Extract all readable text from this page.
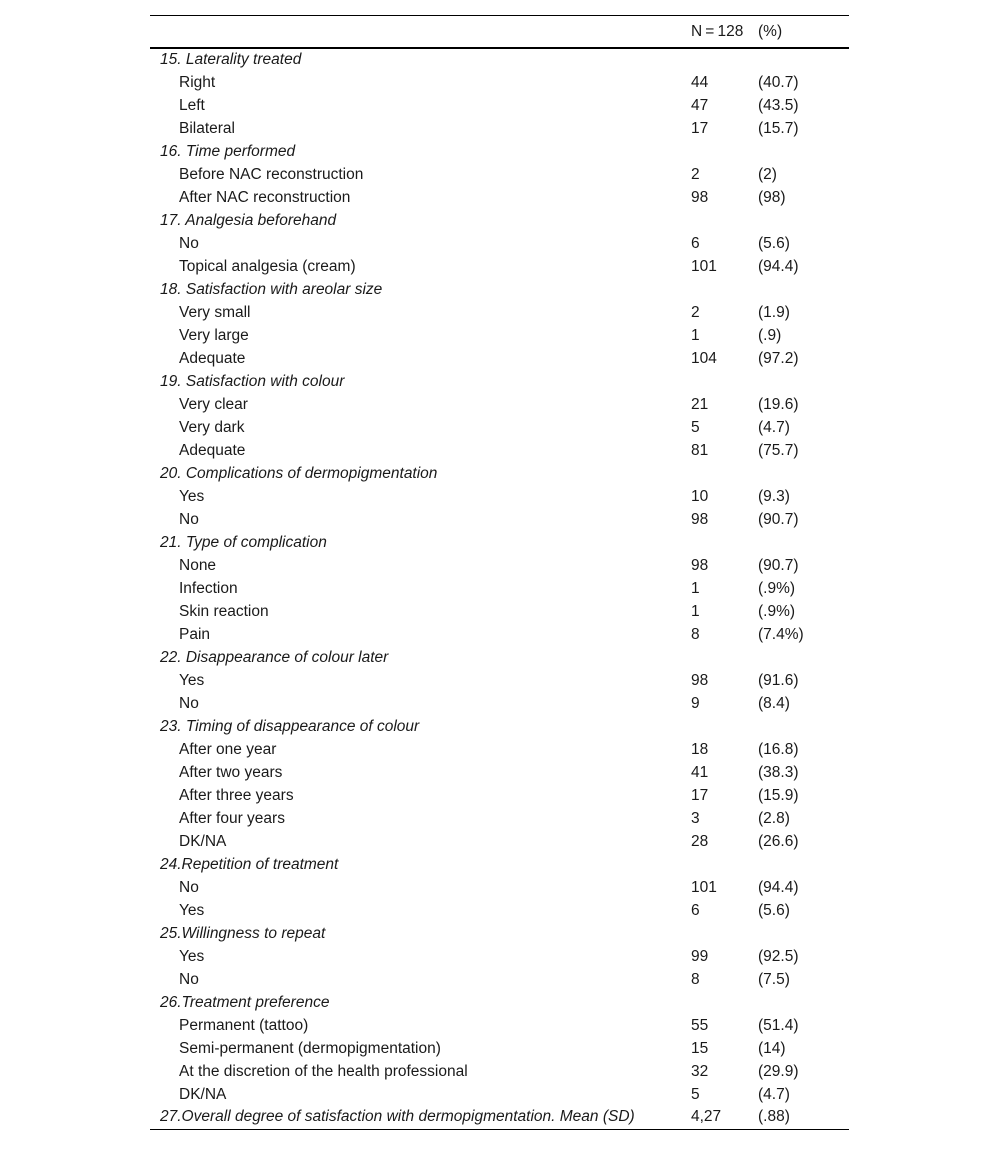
	N = 128	(%)
15. Laterality treated		
Right	44	(40.7)
Left	47	(43.5)
Bilateral	17	(15.7)
16. Time performed		
Before NAC reconstruction	2	(2)
After NAC reconstruction	98	(98)
17. Analgesia beforehand		
No	6	(5.6)
Topical analgesia (cream)	101	(94.4)
18. Satisfaction with areolar size		
Very small	2	(1.9)
Very large	1	(.9)
Adequate	104	(97.2)
19. Satisfaction with colour		
Very clear	21	(19.6)
Very dark	5	(4.7)
Adequate	81	(75.7)
20. Complications of dermopigmentation		
Yes	10	(9.3)
No	98	(90.7)
21. Type of complication		
None	98	(90.7)
Infection	1	(.9%)
Skin reaction	1	(.9%)
Pain	8	(7.4%)
22. Disappearance of colour later		
Yes	98	(91.6)
No	9	(8.4)
23. Timing of disappearance of colour		
After one year	18	(16.8)
After two years	41	(38.3)
After three years	17	(15.9)
After four years	3	(2.8)
DK/NA	28	(26.6)
24.Repetition of treatment		
No	101	(94.4)
Yes	6	(5.6)
25.Willingness to repeat		
Yes	99	(92.5)
No	8	(7.5)
26.Treatment preference		
Permanent (tattoo)	55	(51.4)
Semi-permanent (dermopigmentation)	15	(14)
At the discretion of the health professional	32	(29.9)
DK/NA	5	(4.7)
27.Overall degree of satisfaction with dermopigmentation. Mean (SD)	4,27	(.88)
